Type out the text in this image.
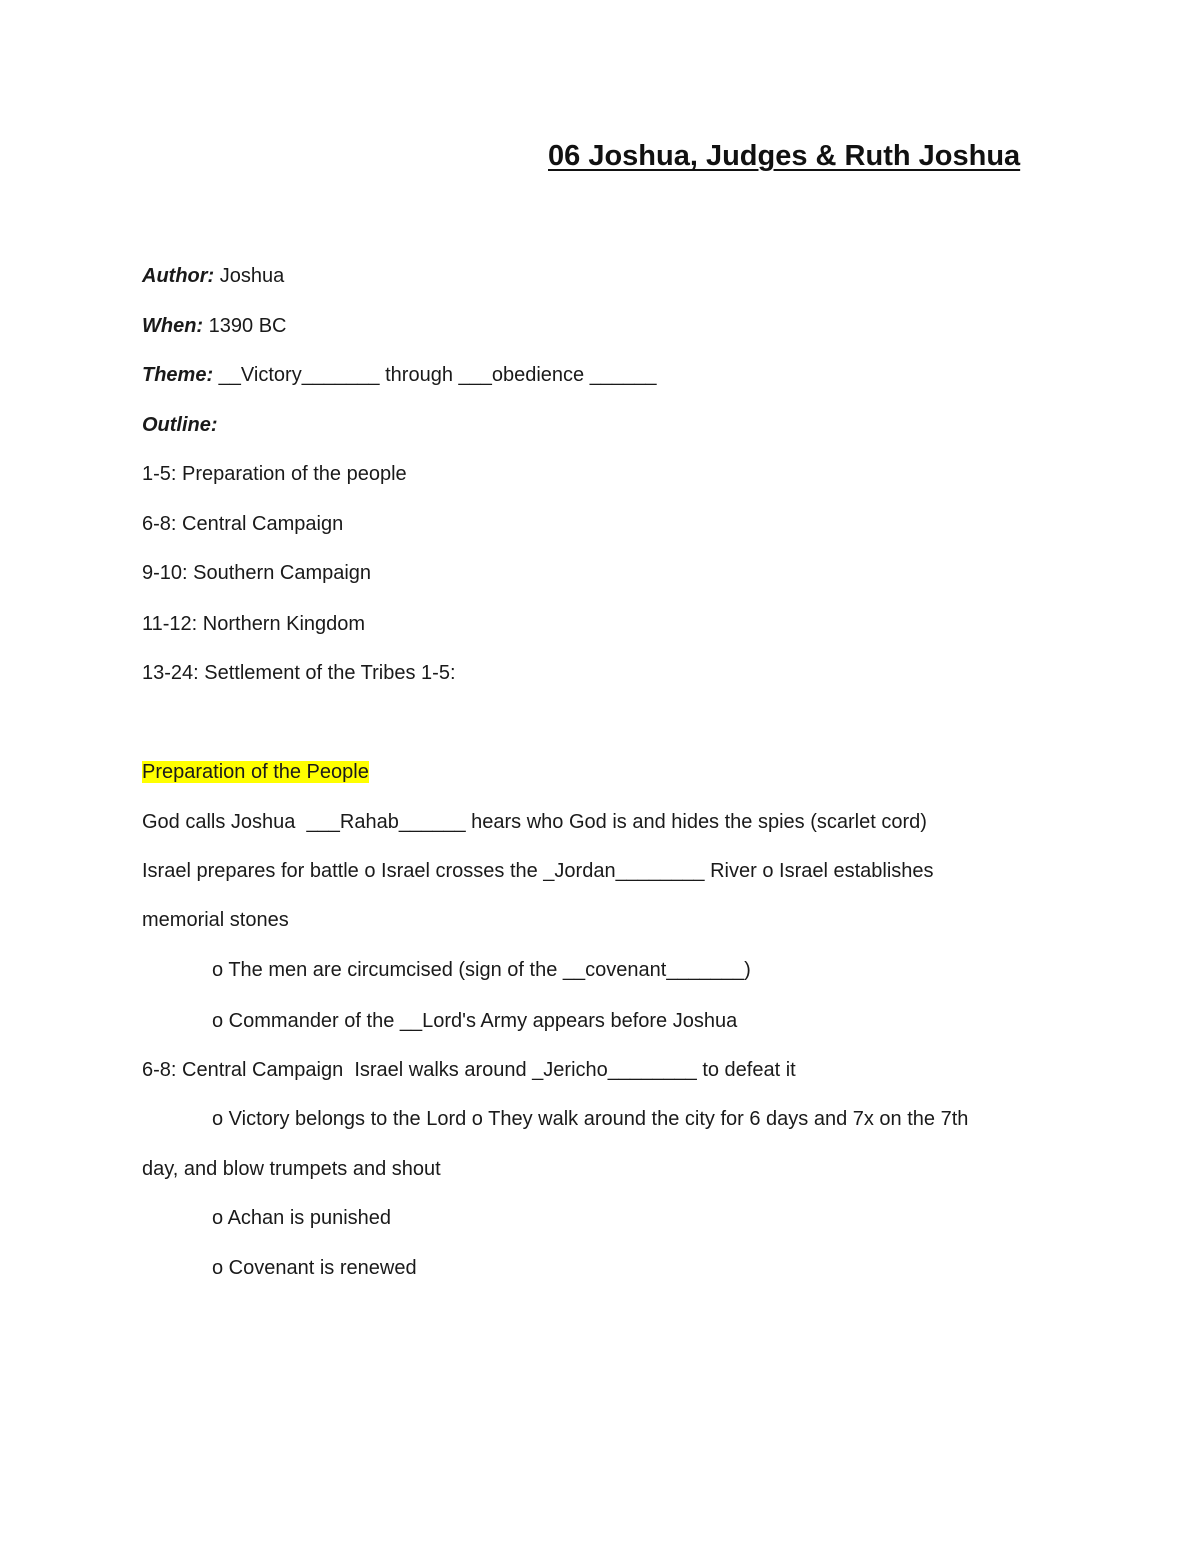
06 Joshua, Judges & Ruth Joshua
Author: Joshua
When: 1390 BC
Theme: __Victory_______ through ___obedience ______
Outline:
1-5: Preparation of the people
6-8: Central Campaign
9-10: Southern Campaign
11-12: Northern Kingdom
13-24: Settlement of the Tribes 1-5:
Preparation of the People
God calls Joshua  ___Rahab______ hears who God is and hides the spies (scarlet cord)
Israel prepares for battle o Israel crosses the _Jordan________ River o Israel establishes
memorial stones
o The men are circumcised (sign of the __covenant_______)
o Commander of the __Lord's Army appears before Joshua
6-8: Central Campaign  Israel walks around _Jericho________ to defeat it
o Victory belongs to the Lord o They walk around the city for 6 days and 7x on the 7th
day, and blow trumpets and shout
o Achan is punished
o Covenant is renewed
